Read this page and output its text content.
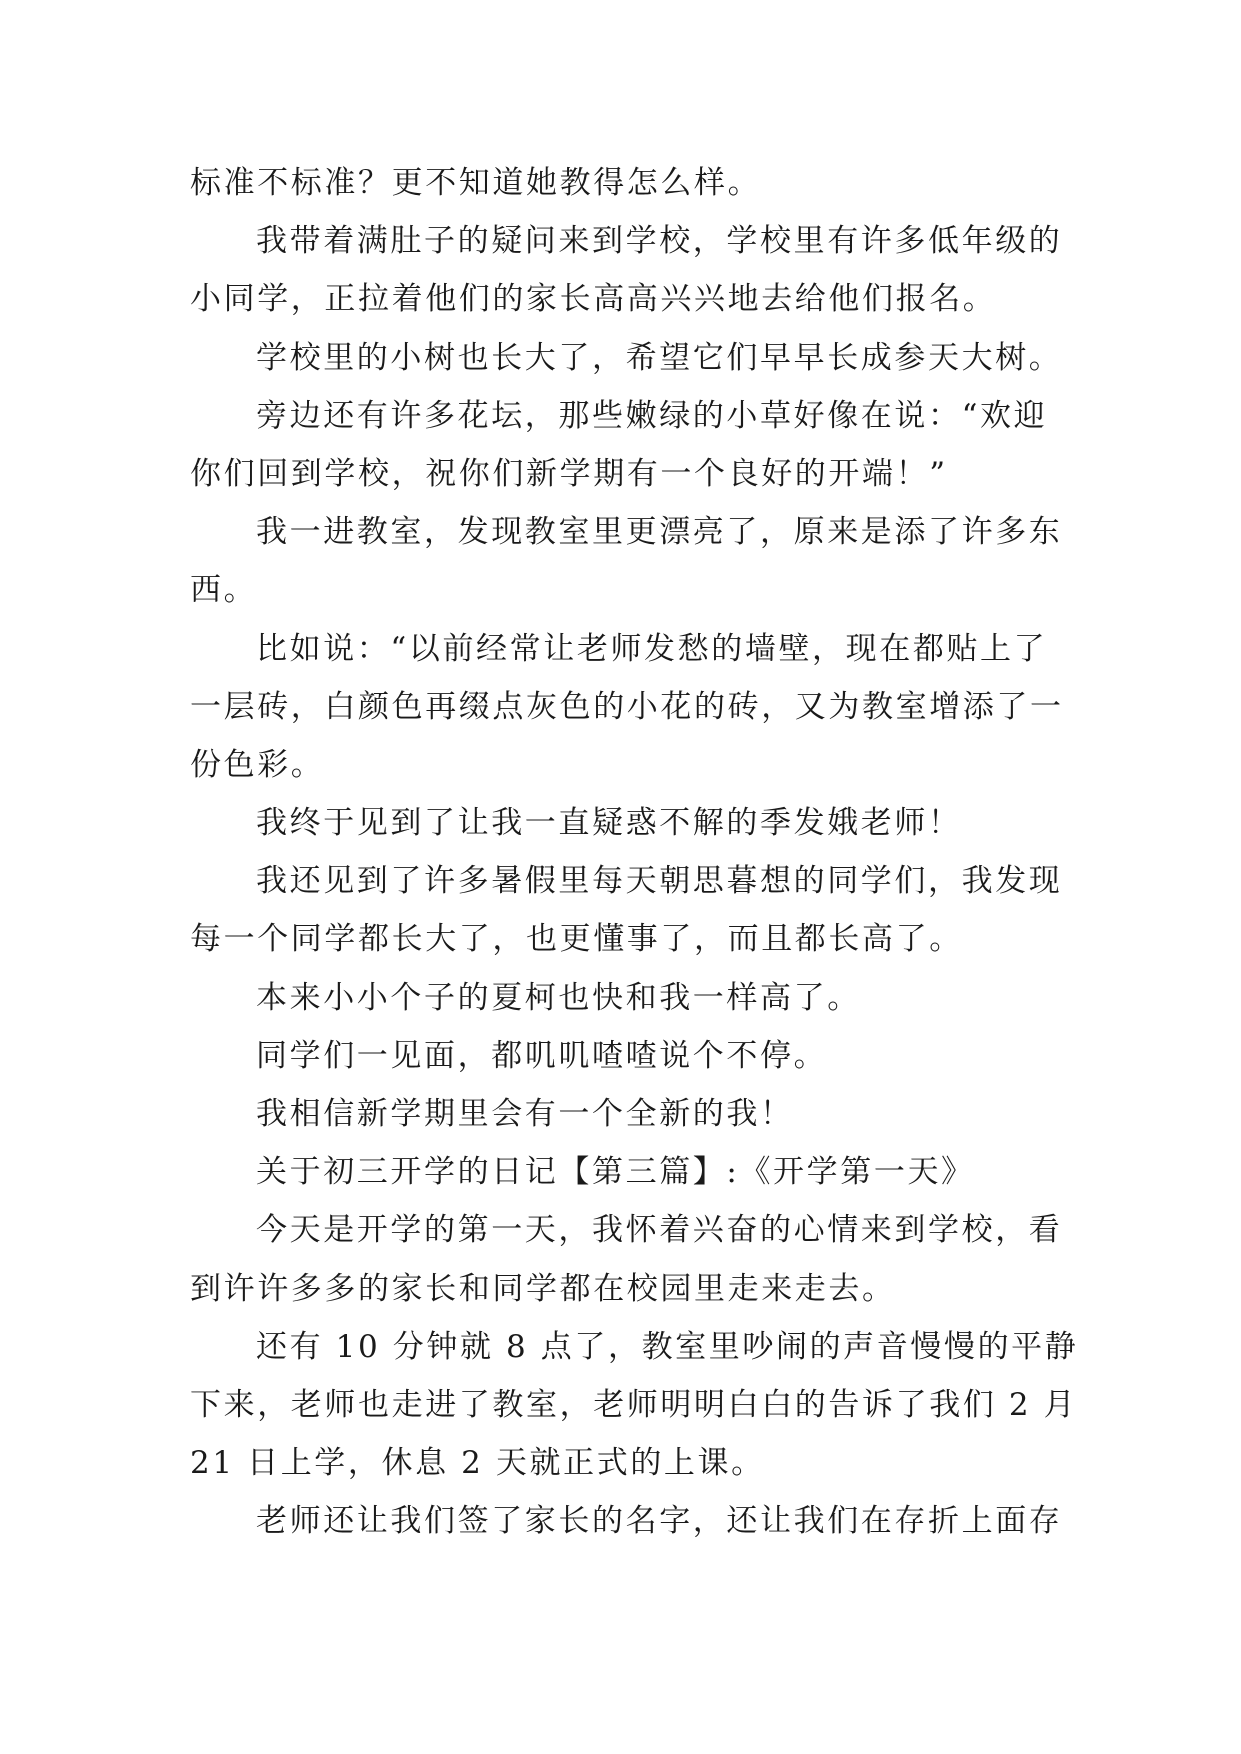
标准不标准？更不知道她教得怎么样。
我带着满肚子的疑问来到学校，学校里有许多低年级的
小同学，正拉着他们的家长高高兴兴地去给他们报名。
学校里的小树也长大了，希望它们早早长成参天大树。
旁边还有许多花坛，那些嫩绿的小草好像在说：“欢迎
你们回到学校，祝你们新学期有一个良好的开端！”
我一进教室，发现教室里更漂亮了，原来是添了许多东
西。
比如说：“以前经常让老师发愁的墙壁，现在都贴上了
一层砖，白颜色再缀点灰色的小花的砖，又为教室增添了一
份色彩。
我终于见到了让我一直疑惑不解的季发娥老师！
我还见到了许多暑假里每天朝思暮想的同学们，我发现
每一个同学都长大了，也更懂事了，而且都长高了。
本来小小个子的夏柯也快和我一样高了。
同学们一见面，都叽叽喳喳说个不停。
我相信新学期里会有一个全新的我！
关于初三开学的日记【第三篇】:《开学第一天》
今天是开学的第一天，我怀着兴奋的心情来到学校，看
到许许多多的家长和同学都在校园里走来走去。
还有 10 分钟就 8 点了，教室里吵闹的声音慢慢的平静
下来，老师也走进了教室，老师明明白白的告诉了我们 2 月
21 日上学，休息 2 天就正式的上课。
老师还让我们签了家长的名字，还让我们在存折上面存
